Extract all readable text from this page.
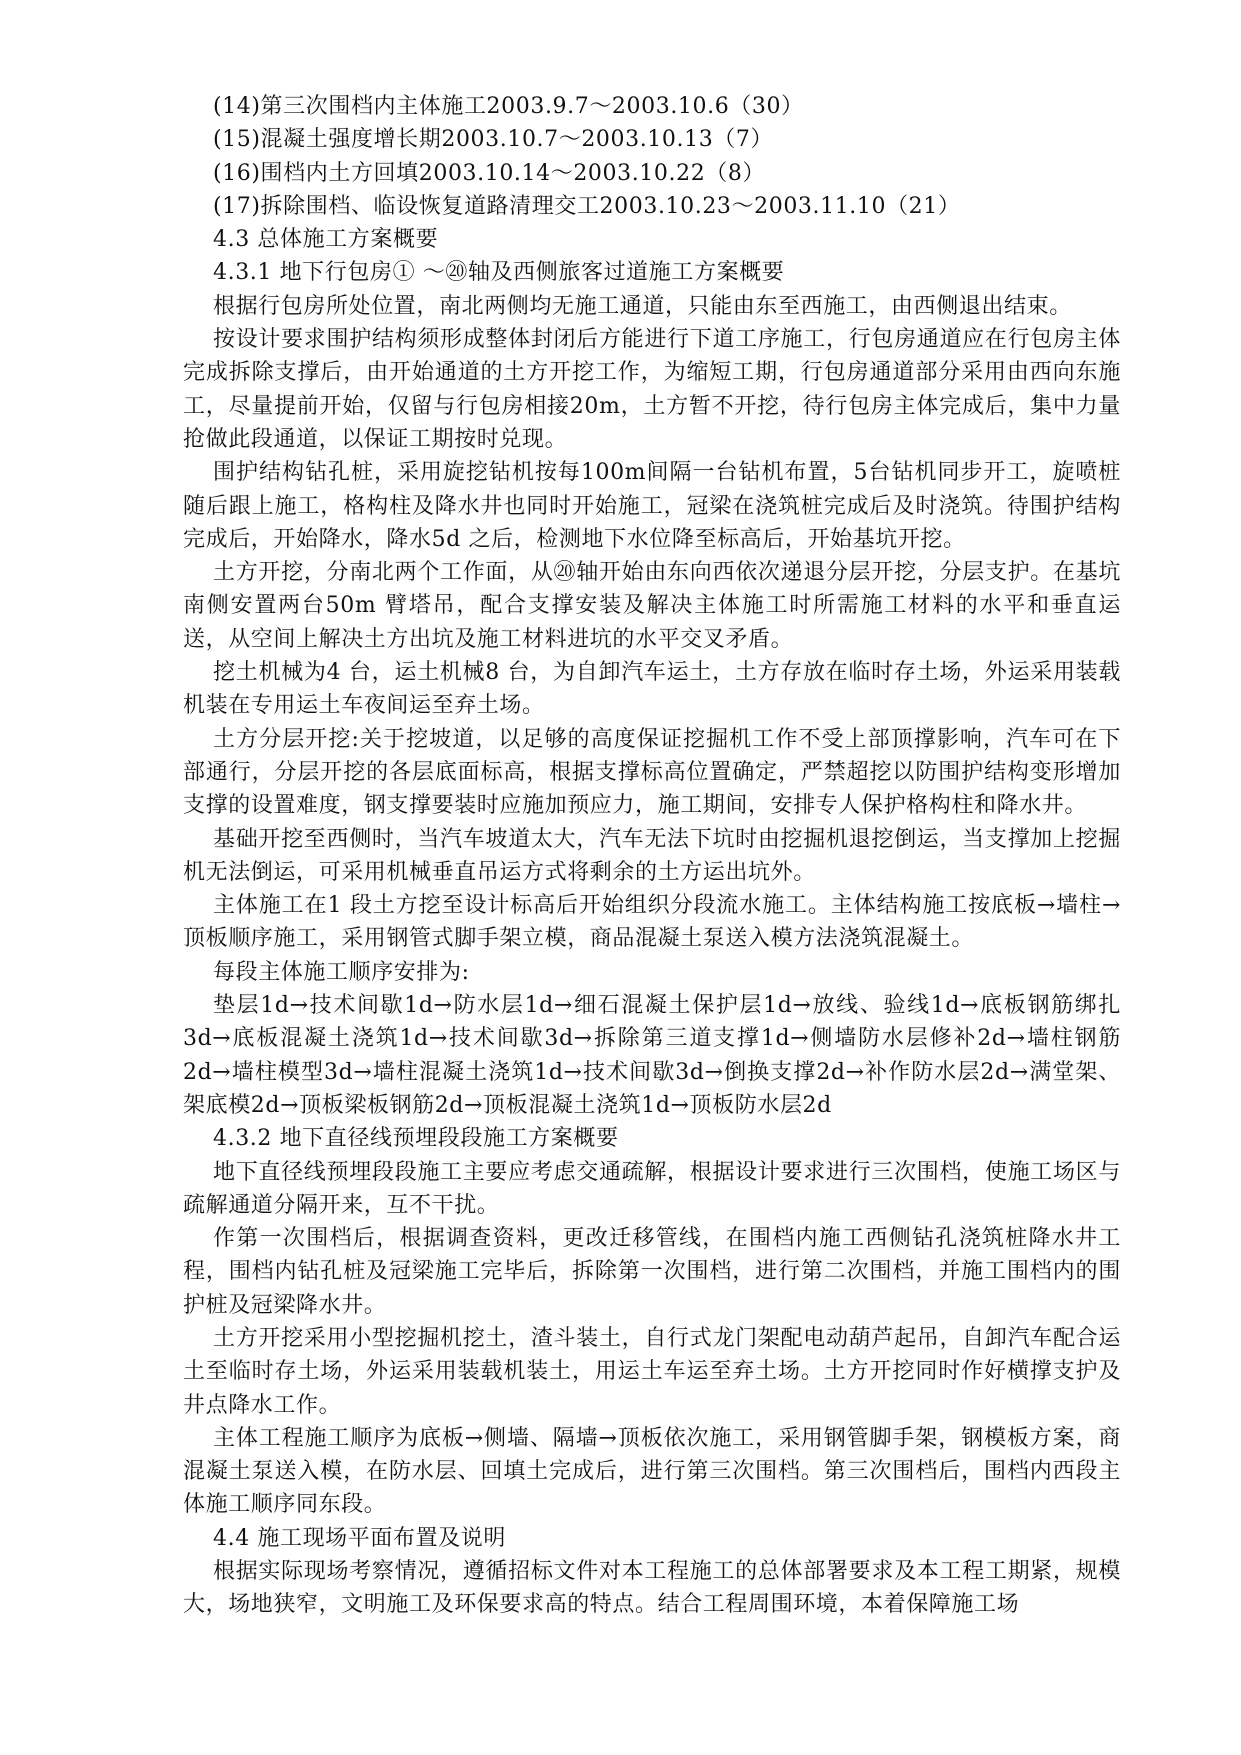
(14)第三次围档内主体施工2003.9.7～2003.10.6（30）

(15)混凝土强度增长期2003.10.7～2003.10.13（7）

(16)围档内土方回填2003.10.14～2003.10.22（8）

(17)拆除围档、临设恢复道路清理交工2003.10.23～2003.11.10（21）

4.3 总体施工方案概要

4.3.1 地下行包房① ～⑳轴及西侧旅客过道施工方案概要

根据行包房所处位置，南北两侧均无施工通道，只能由东至西施工，由西侧退出结束。

按设计要求围护结构须形成整体封闭后方能进行下道工序施工，行包房通道应在行包房主体完成拆除支撑后，由开始通道的土方开挖工作，为缩短工期，行包房通道部分采用由西向东施工，尽量提前开始，仅留与行包房相接20m，土方暂不开挖，待行包房主体完成后，集中力量抢做此段通道，以保证工期按时兑现。

围护结构钻孔桩，采用旋挖钻机按每100m间隔一台钻机布置，5台钻机同步开工，旋喷桩随后跟上施工，格构柱及降水井也同时开始施工，冠梁在浇筑桩完成后及时浇筑。待围护结构完成后，开始降水，降水5d 之后，检测地下水位降至标高后，开始基坑开挖。

土方开挖，分南北两个工作面，从⑳轴开始由东向西依次递退分层开挖，分层支护。在基坑南侧安置两台50m 臂塔吊，配合支撑安装及解决主体施工时所需施工材料的水平和垂直运送，从空间上解决土方出坑及施工材料进坑的水平交叉矛盾。

挖土机械为4 台，运土机械8 台，为自卸汽车运土，土方存放在临时存土场，外运采用装载机装在专用运土车夜间运至弃土场。

土方分层开挖:关于挖坡道，以足够的高度保证挖掘机工作不受上部顶撑影响，汽车可在下部通行，分层开挖的各层底面标高，根据支撑标高位置确定，严禁超挖以防围护结构变形增加支撑的设置难度，钢支撑要装时应施加预应力，施工期间，安排专人保护格构柱和降水井。

基础开挖至西侧时，当汽车坡道太大，汽车无法下坑时由挖掘机退挖倒运，当支撑加上挖掘机无法倒运，可采用机械垂直吊运方式将剩余的土方运出坑外。

主体施工在1 段土方挖至设计标高后开始组织分段流水施工。主体结构施工按底板→墙柱→顶板顺序施工，采用钢管式脚手架立模，商品混凝土泵送入模方法浇筑混凝土。

每段主体施工顺序安排为:

垫层1d→技术间歇1d→防水层1d→细石混凝土保护层1d→放线、验线1d→底板钢筋绑扎3d→底板混凝土浇筑1d→技术间歇3d→拆除第三道支撑1d→侧墙防水层修补2d→墙柱钢筋2d→墙柱模型3d→墙柱混凝土浇筑1d→技术间歇3d→倒换支撑2d→补作防水层2d→满堂架、架底模2d→顶板梁板钢筋2d→顶板混凝土浇筑1d→顶板防水层2d

4.3.2 地下直径线预埋段段施工方案概要

地下直径线预埋段段施工主要应考虑交通疏解，根据设计要求进行三次围档，使施工场区与疏解通道分隔开来，互不干扰。

作第一次围档后，根据调查资料，更改迁移管线，在围档内施工西侧钻孔浇筑桩降水井工程，围档内钻孔桩及冠梁施工完毕后，拆除第一次围档，进行第二次围档，并施工围档内的围护桩及冠梁降水井。

土方开挖采用小型挖掘机挖土，渣斗装土，自行式龙门架配电动葫芦起吊，自卸汽车配合运土至临时存土场，外运采用装载机装土，用运土车运至弃土场。土方开挖同时作好横撑支护及井点降水工作。

主体工程施工顺序为底板→侧墙、隔墙→顶板依次施工，采用钢管脚手架，钢模板方案，商混凝土泵送入模，在防水层、回填土完成后，进行第三次围档。第三次围档后，围档内西段主体施工顺序同东段。

4.4 施工现场平面布置及说明

根据实际现场考察情况，遵循招标文件对本工程施工的总体部署要求及本工程工期紧，规模大，场地狭窄，文明施工及环保要求高的特点。结合工程周围环境，本着保障施工场
